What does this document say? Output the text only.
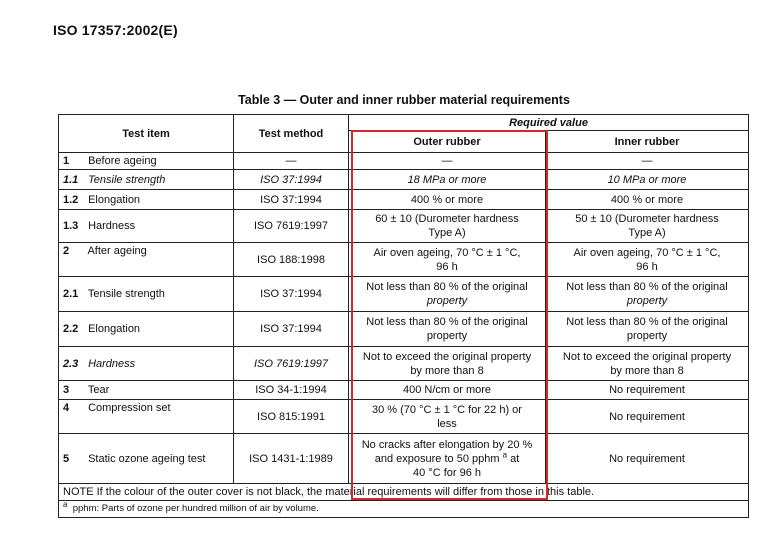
ISO 17357:2002(E)
Table 3 — Outer and inner rubber material requirements
Test item	Test method	Required value	
		Outer rubber	Inner rubber
1 Before ageing	—	—	—
1.1 Tensile strength	ISO 37:1994	18 MPa or more	10 MPa or more
1.2 Elongation	ISO 37:1994	400 % or more	400 % or more
1.3 Hardness	ISO 7619:1997	60 ± 10 (Durometer hardness
Type A)	50 ± 10 (Durometer hardness
Type A)
2 After ageing	ISO 188:1998	Air oven ageing, 70 °C ± 1 °C,
96 h	Air oven ageing, 70 °C ± 1 °C,
96 h
2.1 Tensile strength	ISO 37:1994	Not less than 80 % of the original
property	Not less than 80 % of the original
property
2.2 Elongation	ISO 37:1994	Not less than 80 % of the original
property	Not less than 80 % of the original
property
2.3 Hardness	ISO 7619:1997	Not to exceed the original property
by more than 8	Not to exceed the original property
by more than 8
3 Tear	ISO 34-1:1994	400 N/cm or more	No requirement
4 Compression set	ISO 815:1991	30 % (70 °C ± 1 °C for 22 h) or
less	No requirement
5 Static ozone ageing test	ISO 1431-1:1989	No cracks after elongation by 20 %
and exposure to 50 pphm $^a$ at
40 °C for 96 h	No requirement
NOTE If the colour of the outer cover is not black, the material requirements will differ from those in this table.			
$^a$ pphm: Parts of ozone per hundred million of air by volume.			
